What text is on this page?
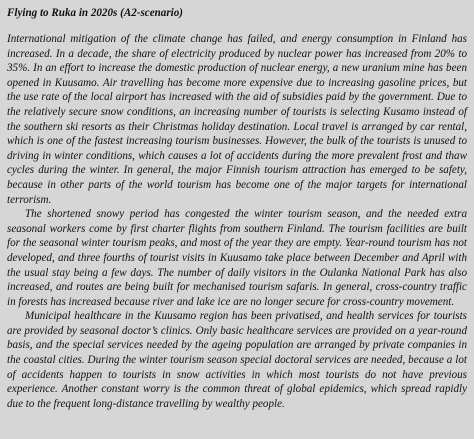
Flying to Ruka in 2020s (A2-scenario)

International mitigation of the climate change has failed, and energy consumption in Finland has increased. In a decade, the share of electricity produced by nuclear power has increased from 20% to 35%. In an effort to increase the domestic production of nuclear energy, a new uranium mine has been opened in Kuusamo. Air travelling has become more expensive due to increasing gasoline prices, but the use rate of the local airport has increased with the aid of subsidies paid by the government. Due to the relatively secure snow conditions, an increasing number of tourists is selecting Kusamo instead of the southern ski resorts as their Christmas holiday destination. Local travel is arranged by car rental, which is one of the fastest increasing tourism businesses. However, the bulk of the tourists is unused to driving in winter conditions, which causes a lot of accidents during the more prevalent frost and thaw cycles during the winter. In general, the major Finnish tourism attraction has emerged to be safety, because in other parts of the world tourism has become one of the major targets for international terrorism.

The shortened snowy period has congested the winter tourism season, and the needed extra seasonal workers come by first charter flights from southern Finland. The tourism facilities are built for the seasonal winter tourism peaks, and most of the year they are empty. Year-round tourism has not developed, and three fourths of tourist visits in Kuusamo take place between December and April with the usual stay being a few days. The number of daily visitors in the Oulanka National Park has also increased, and routes are being built for mechanised tourism safaris. In general, cross-country traffic in forests has increased because river and lake ice are no longer secure for cross-country movement.

Municipal healthcare in the Kuusamo region has been privatised, and health services for tourists are provided by seasonal doctor’s clinics. Only basic healthcare services are provided on a year-round basis, and the special services needed by the ageing population are arranged by private companies in the coastal cities. During the winter tourism season special doctoral services are needed, because a lot of accidents happen to tourists in snow activities in which most tourists do not have previous experience. Another constant worry is the common threat of global epidemics, which spread rapidly due to the frequent long-distance travelling by wealthy people.
